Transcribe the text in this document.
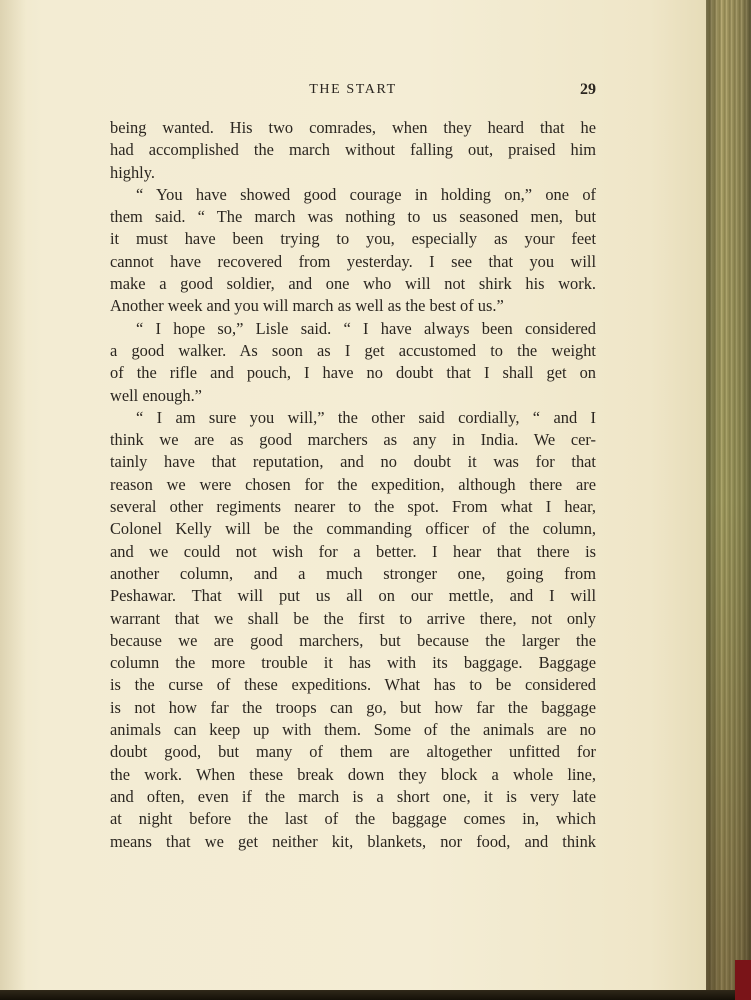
THE START	29
being wanted. His two comrades, when they heard that he
had accomplished the march without falling out, praised him
highly.
“ You have showed good courage in holding on,” one of
them said. “ The march was nothing to us seasoned men, but
it must have been trying to you, especially as your feet
cannot have recovered from yesterday. I see that you will
make a good soldier, and one who will not shirk his work.
Another week and you will march as well as the best of us.”
“ I hope so,” Lisle said. “ I have always been considered
a good walker. As soon as I get accustomed to the weight
of the rifle and pouch, I have no doubt that I shall get on
well enough.”
“ I am sure you will,” the other said cordially, “ and I
think we are as good marchers as any in India. We cer-
tainly have that reputation, and no doubt it was for that
reason we were chosen for the expedition, although there are
several other regiments nearer to the spot. From what I hear,
Colonel Kelly will be the commanding officer of the column,
and we could not wish for a better. I hear that there is
another column, and a much stronger one, going from
Peshawar. That will put us all on our mettle, and I will
warrant that we shall be the first to arrive there, not only
because we are good marchers, but because the larger the
column the more trouble it has with its baggage. Baggage
is the curse of these expeditions. What has to be considered
is not how far the troops can go, but how far the baggage
animals can keep up with them. Some of the animals are no
doubt good, but many of them are altogether unfitted for
the work. When these break down they block a whole line,
and often, even if the march is a short one, it is very late
at night before the last of the baggage comes in, which
means that we get neither kit, blankets, nor food, and think
